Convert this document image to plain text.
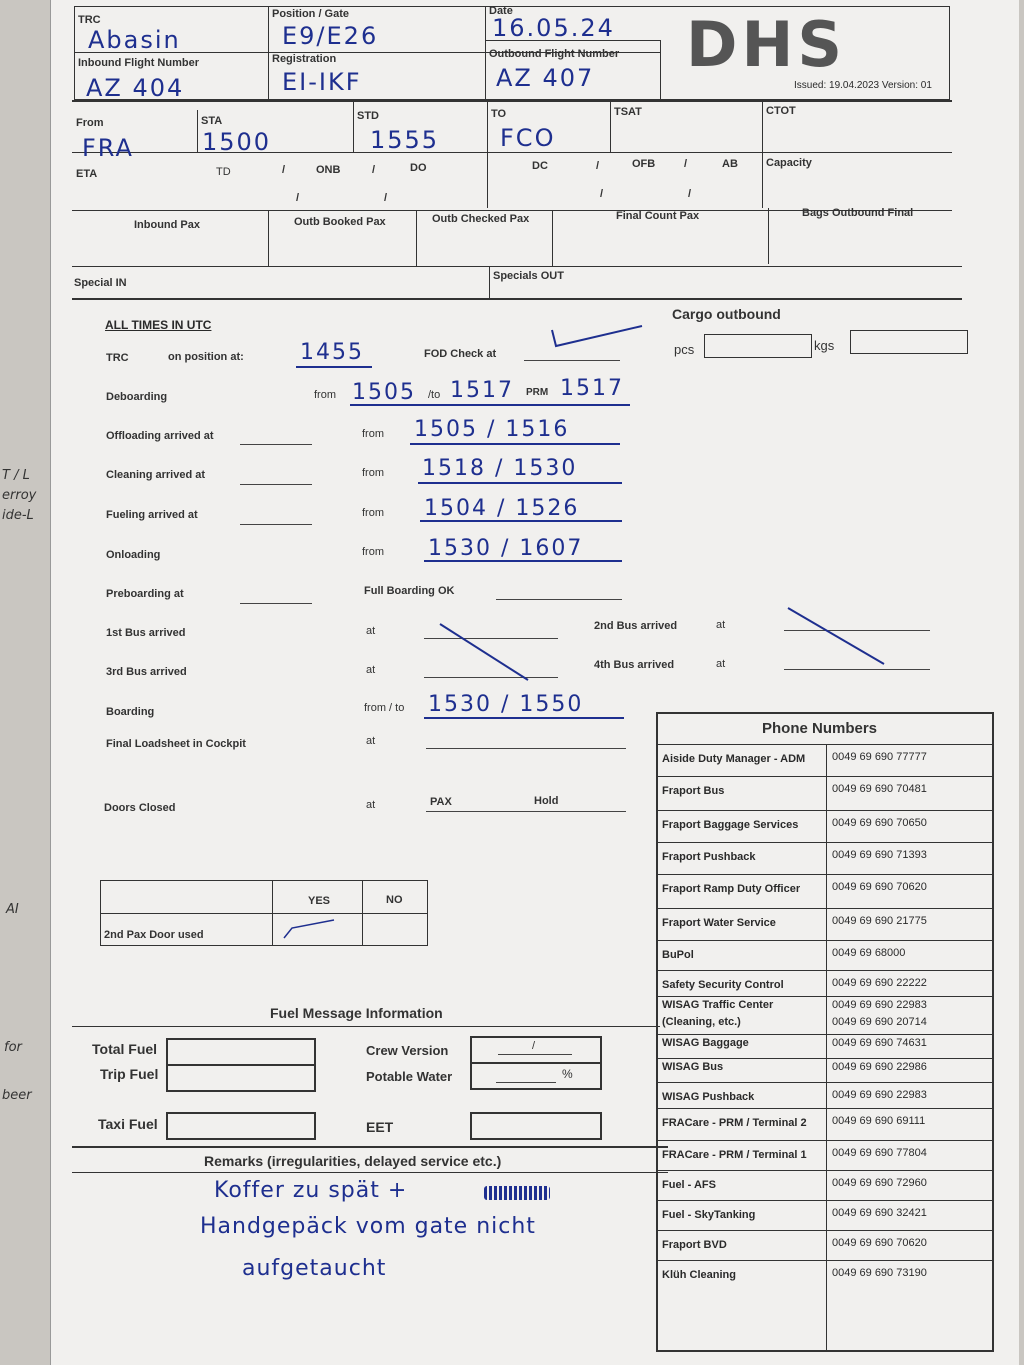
T / L
erroy
ide-L
AI
for
beer
TRC
Abasin
Position / Gate
E9/E26
Date
16.05.24
Inbound Flight Number
AZ 404
Registration
EI-IKF
Outbound Flight Number
AZ 407 DHS
Issued: 19.04.2023 Version: 01
From
FRA
STA
1500
STD
1555
TO
FCO
TSAT	CTOT
ETA	TD	/	ONB	/	DO	DC	/	OFB	/	AB	Capacity
/	/	/	/
Inbound Pax	Outb Booked Pax	Outb Checked Pax	Final Count Pax	Bags Outbound Final
Special IN
Specials OUT
Cargo outbound
pcs	kgs
ALL TIMES IN UTC
TRC	on position at:	1455	FOD Check at
Deboarding	from 1505 /to 1517 PRM 1517
Offloading arrived at	from 1505 / 1516
Cleaning arrived at	from 1518 / 1530
Fueling arrived at	from 1504 / 1526
Onloading	from 1530 / 1607
Preboarding at	Full Boarding OK
1st Bus arrived	at	2nd Bus arrived	at
3rd Bus arrived	at	4th Bus arrived	at
Boarding	from / to 1530 / 1550
Final Loadsheet in Cockpit	at
Doors Closed	at	PAX	Hold
YES	NO
2nd Pax Door used
Fuel Message Information
Total Fuel
Trip Fuel
Taxi Fuel
Crew Version
Potable Water
/
%
EET
Remarks (irregularities, delayed service etc.)
Koffer zu spät +
Handgepäck vom gate nicht
aufgetaucht
Phone Numbers
Aiside Duty Manager - ADM 0049 69 690 77777
Fraport Bus	0049 69 690 70481
Fraport Baggage Services	0049 69 690 70650
Fraport Pushback	0049 69 690 71393
Fraport Ramp Duty Officer	0049 69 690 70620
Fraport Water Service	0049 69 690 21775
BuPol	0049 69 68000
Safety Security Control	0049 69 690 22222
WISAG Traffic Center	0049 69 690 22983
(Cleaning, etc.)	0049 69 690 20714
WISAG Baggage	0049 69 690 74631
WISAG Bus	0049 69 690 22986
WISAG Pushback	0049 69 690 22983
FRACare - PRM / Terminal 2 0049 69 690 69111
FRACare - PRM / Terminal 1 0049 69 690 77804
Fuel - AFS	0049 69 690 72960
Fuel - SkyTanking	0049 69 690 32421
Fraport BVD	0049 69 690 70620
Klüh Cleaning	0049 69 690 73190
